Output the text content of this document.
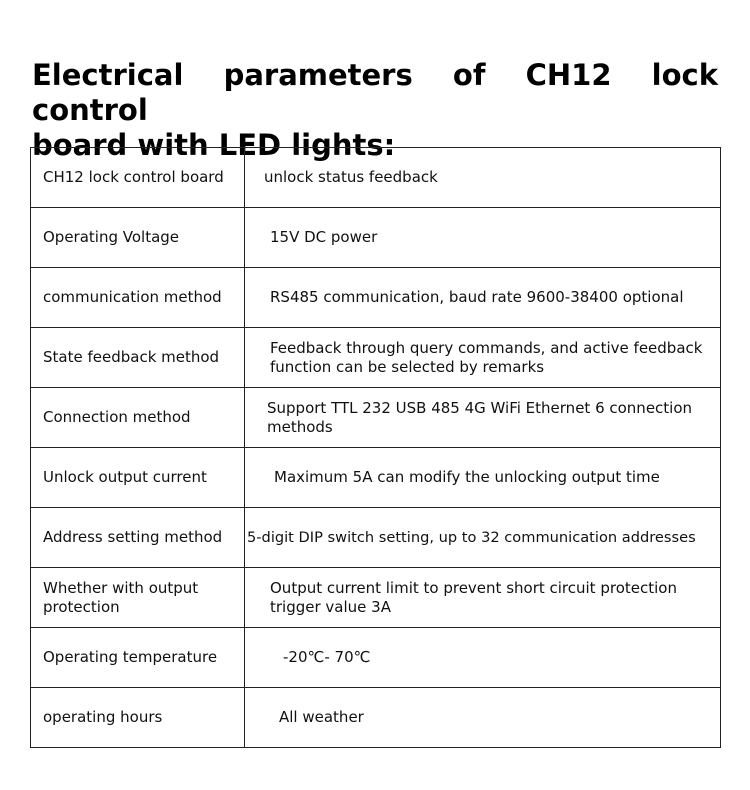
Electrical parameters of CH12 lock control
board with LED lights:
CH12 lock control board	unlock status feedback
Operating Voltage	15V DC power
communication method	RS485 communication, baud rate 9600-38400 optional
State feedback method	Feedback through query commands, and active feedback function can be selected by remarks
Connection method	Support TTL 232 USB 485 4G WiFi Ethernet 6 connection methods
Unlock output current	Maximum 5A can modify the unlocking output time
Address setting method	5-digit DIP switch setting, up to 32 communication addresses
Whether with output protection	Output current limit to prevent short circuit protection trigger value 3A
Operating temperature	-20℃- 70℃
operating hours	All weather
